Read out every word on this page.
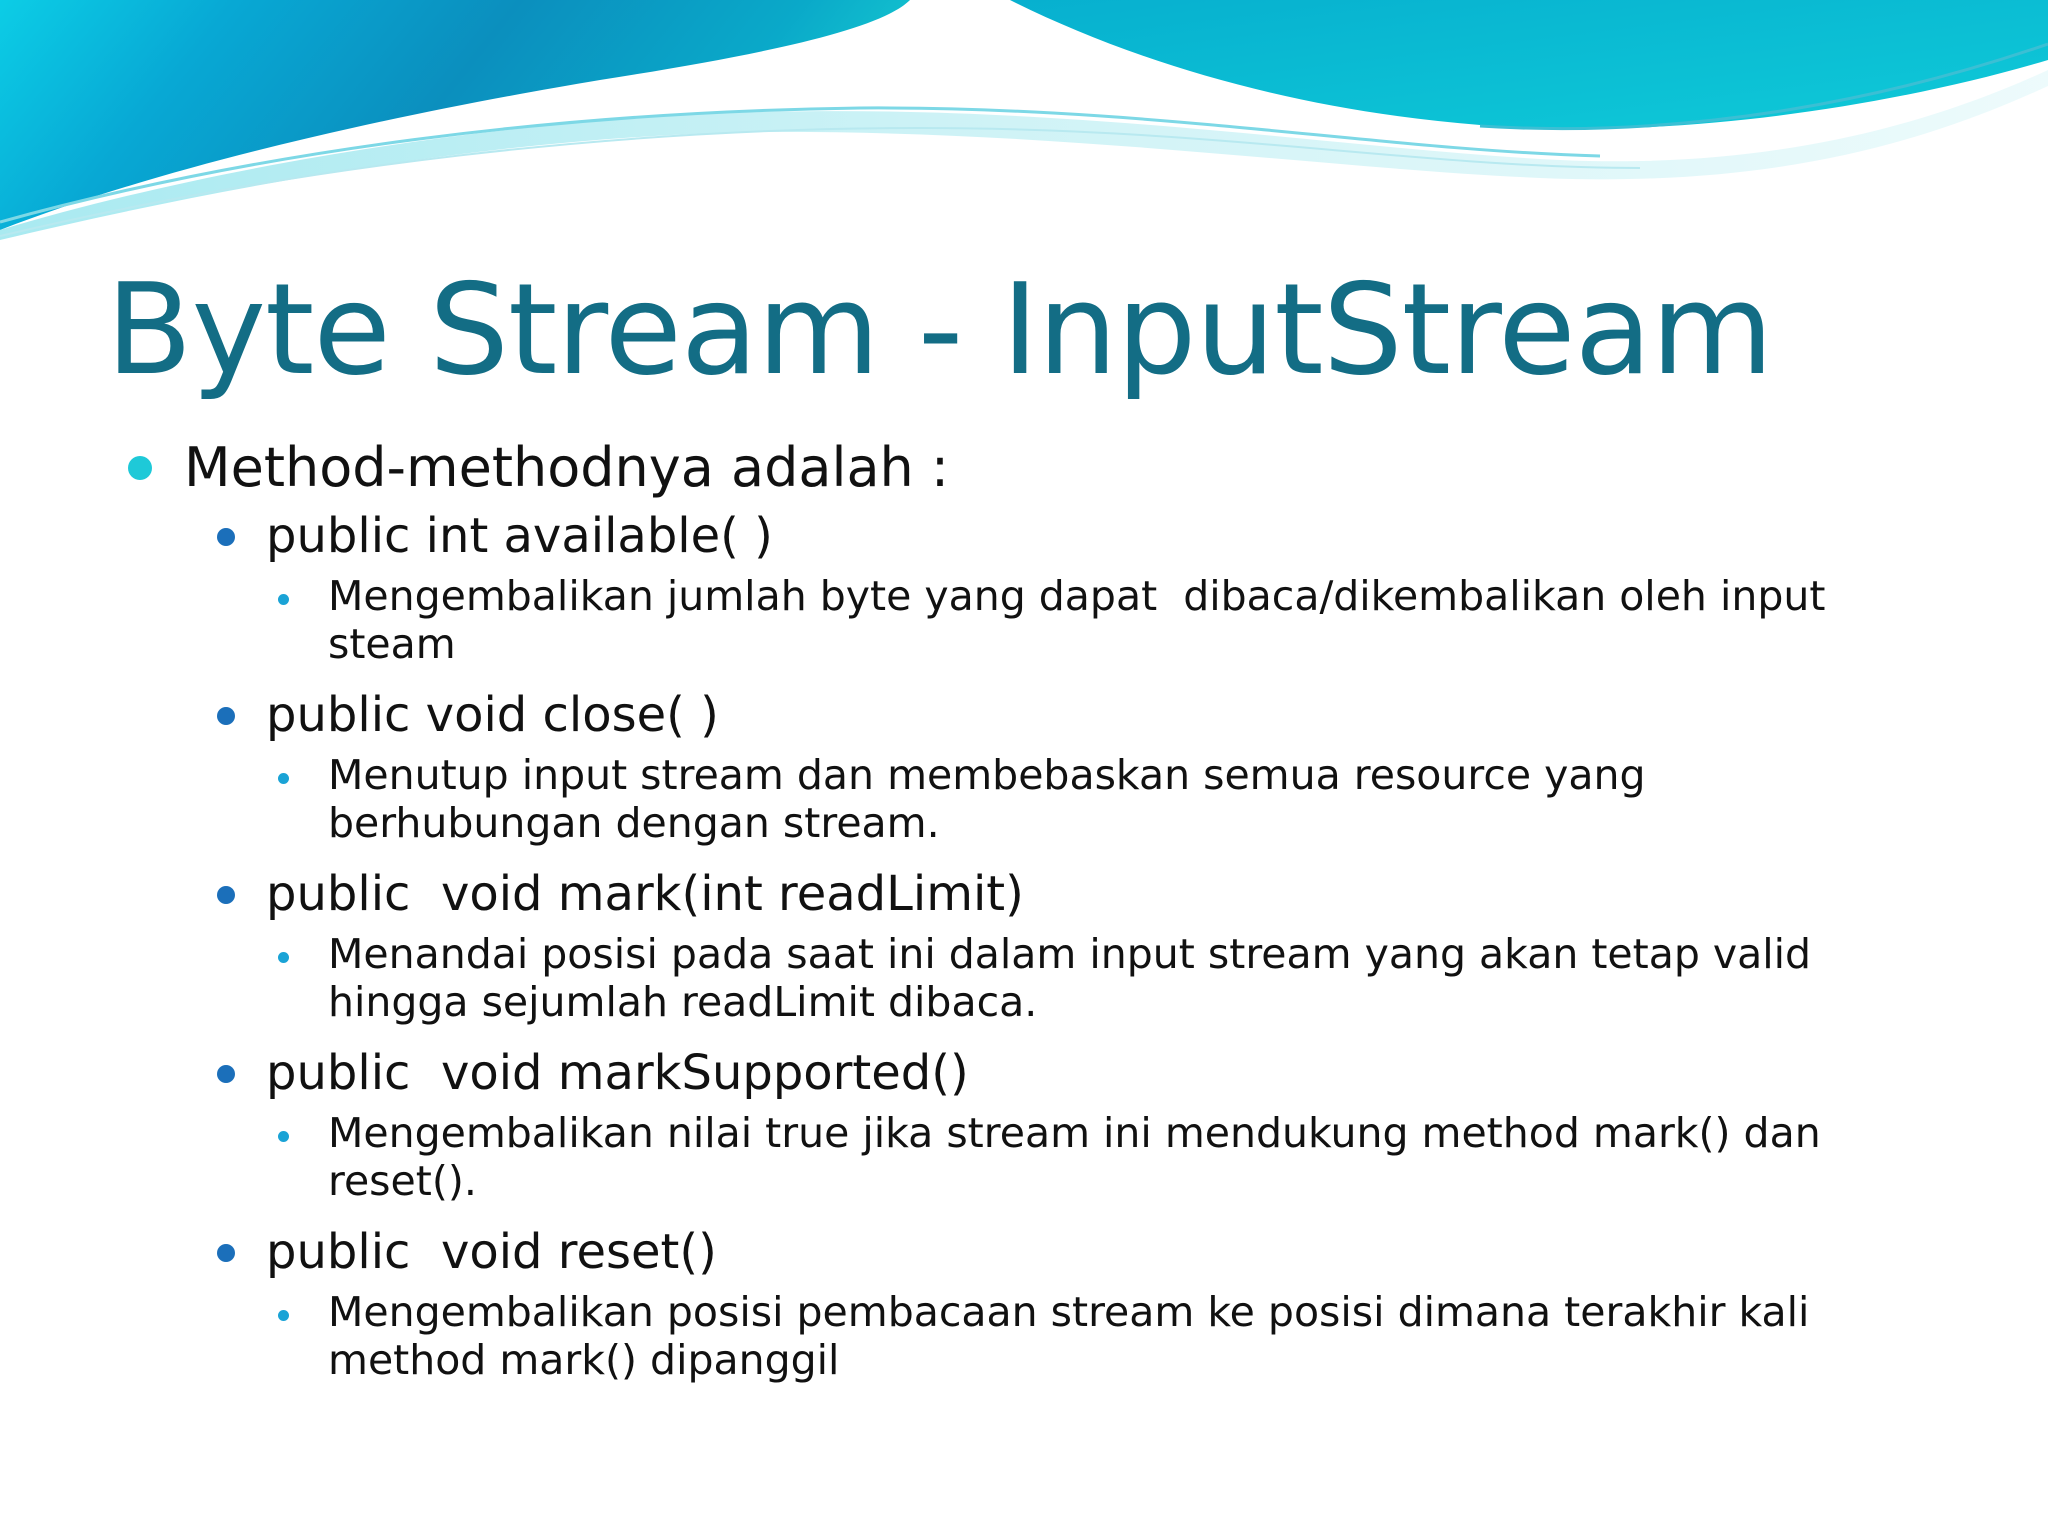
Byte Stream - InputStream
Method-methodnya adalah :
public int available( )
Mengembalikan jumlah byte yang dapat  dibaca/dikembalikan oleh input steam
public void close( )
Menutup input stream dan membebaskan semua resource yang berhubungan dengan stream.
public  void mark(int readLimit)
Menandai posisi pada saat ini dalam input stream yang akan tetap valid hingga sejumlah readLimit dibaca.
public  void markSupported()
Mengembalikan nilai true jika stream ini mendukung method mark() dan reset().
public  void reset()
Mengembalikan posisi pembacaan stream ke posisi dimana terakhir kali method mark() dipanggil
